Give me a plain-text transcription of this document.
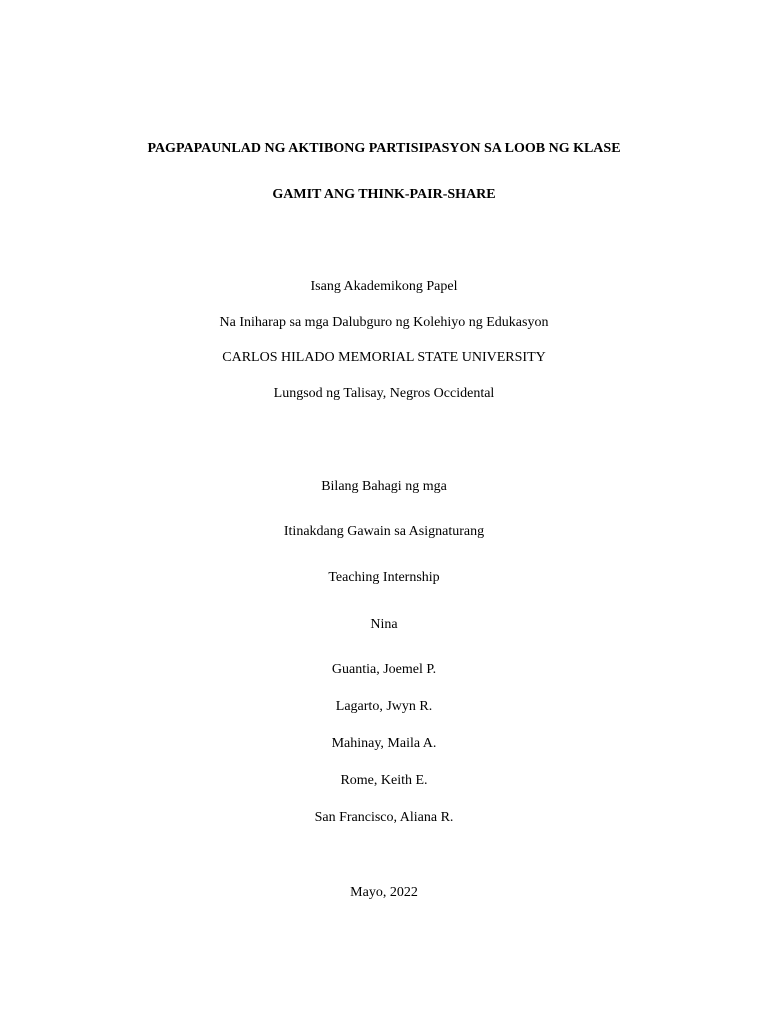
PAGPAPAUNLAD NG AKTIBONG PARTISIPASYON SA LOOB NG KLASE
GAMIT ANG THINK-PAIR-SHARE
Isang Akademikong Papel
Na Iniharap sa mga Dalubguro ng Kolehiyo ng Edukasyon
CARLOS HILADO MEMORIAL STATE UNIVERSITY
Lungsod ng Talisay, Negros Occidental
Bilang Bahagi ng mga
Itinakdang Gawain sa Asignaturang
Teaching Internship
Nina
Guantia, Joemel P.
Lagarto, Jwyn R.
Mahinay, Maila A.
Rome, Keith E.
San Francisco, Aliana R.
Mayo, 2022
